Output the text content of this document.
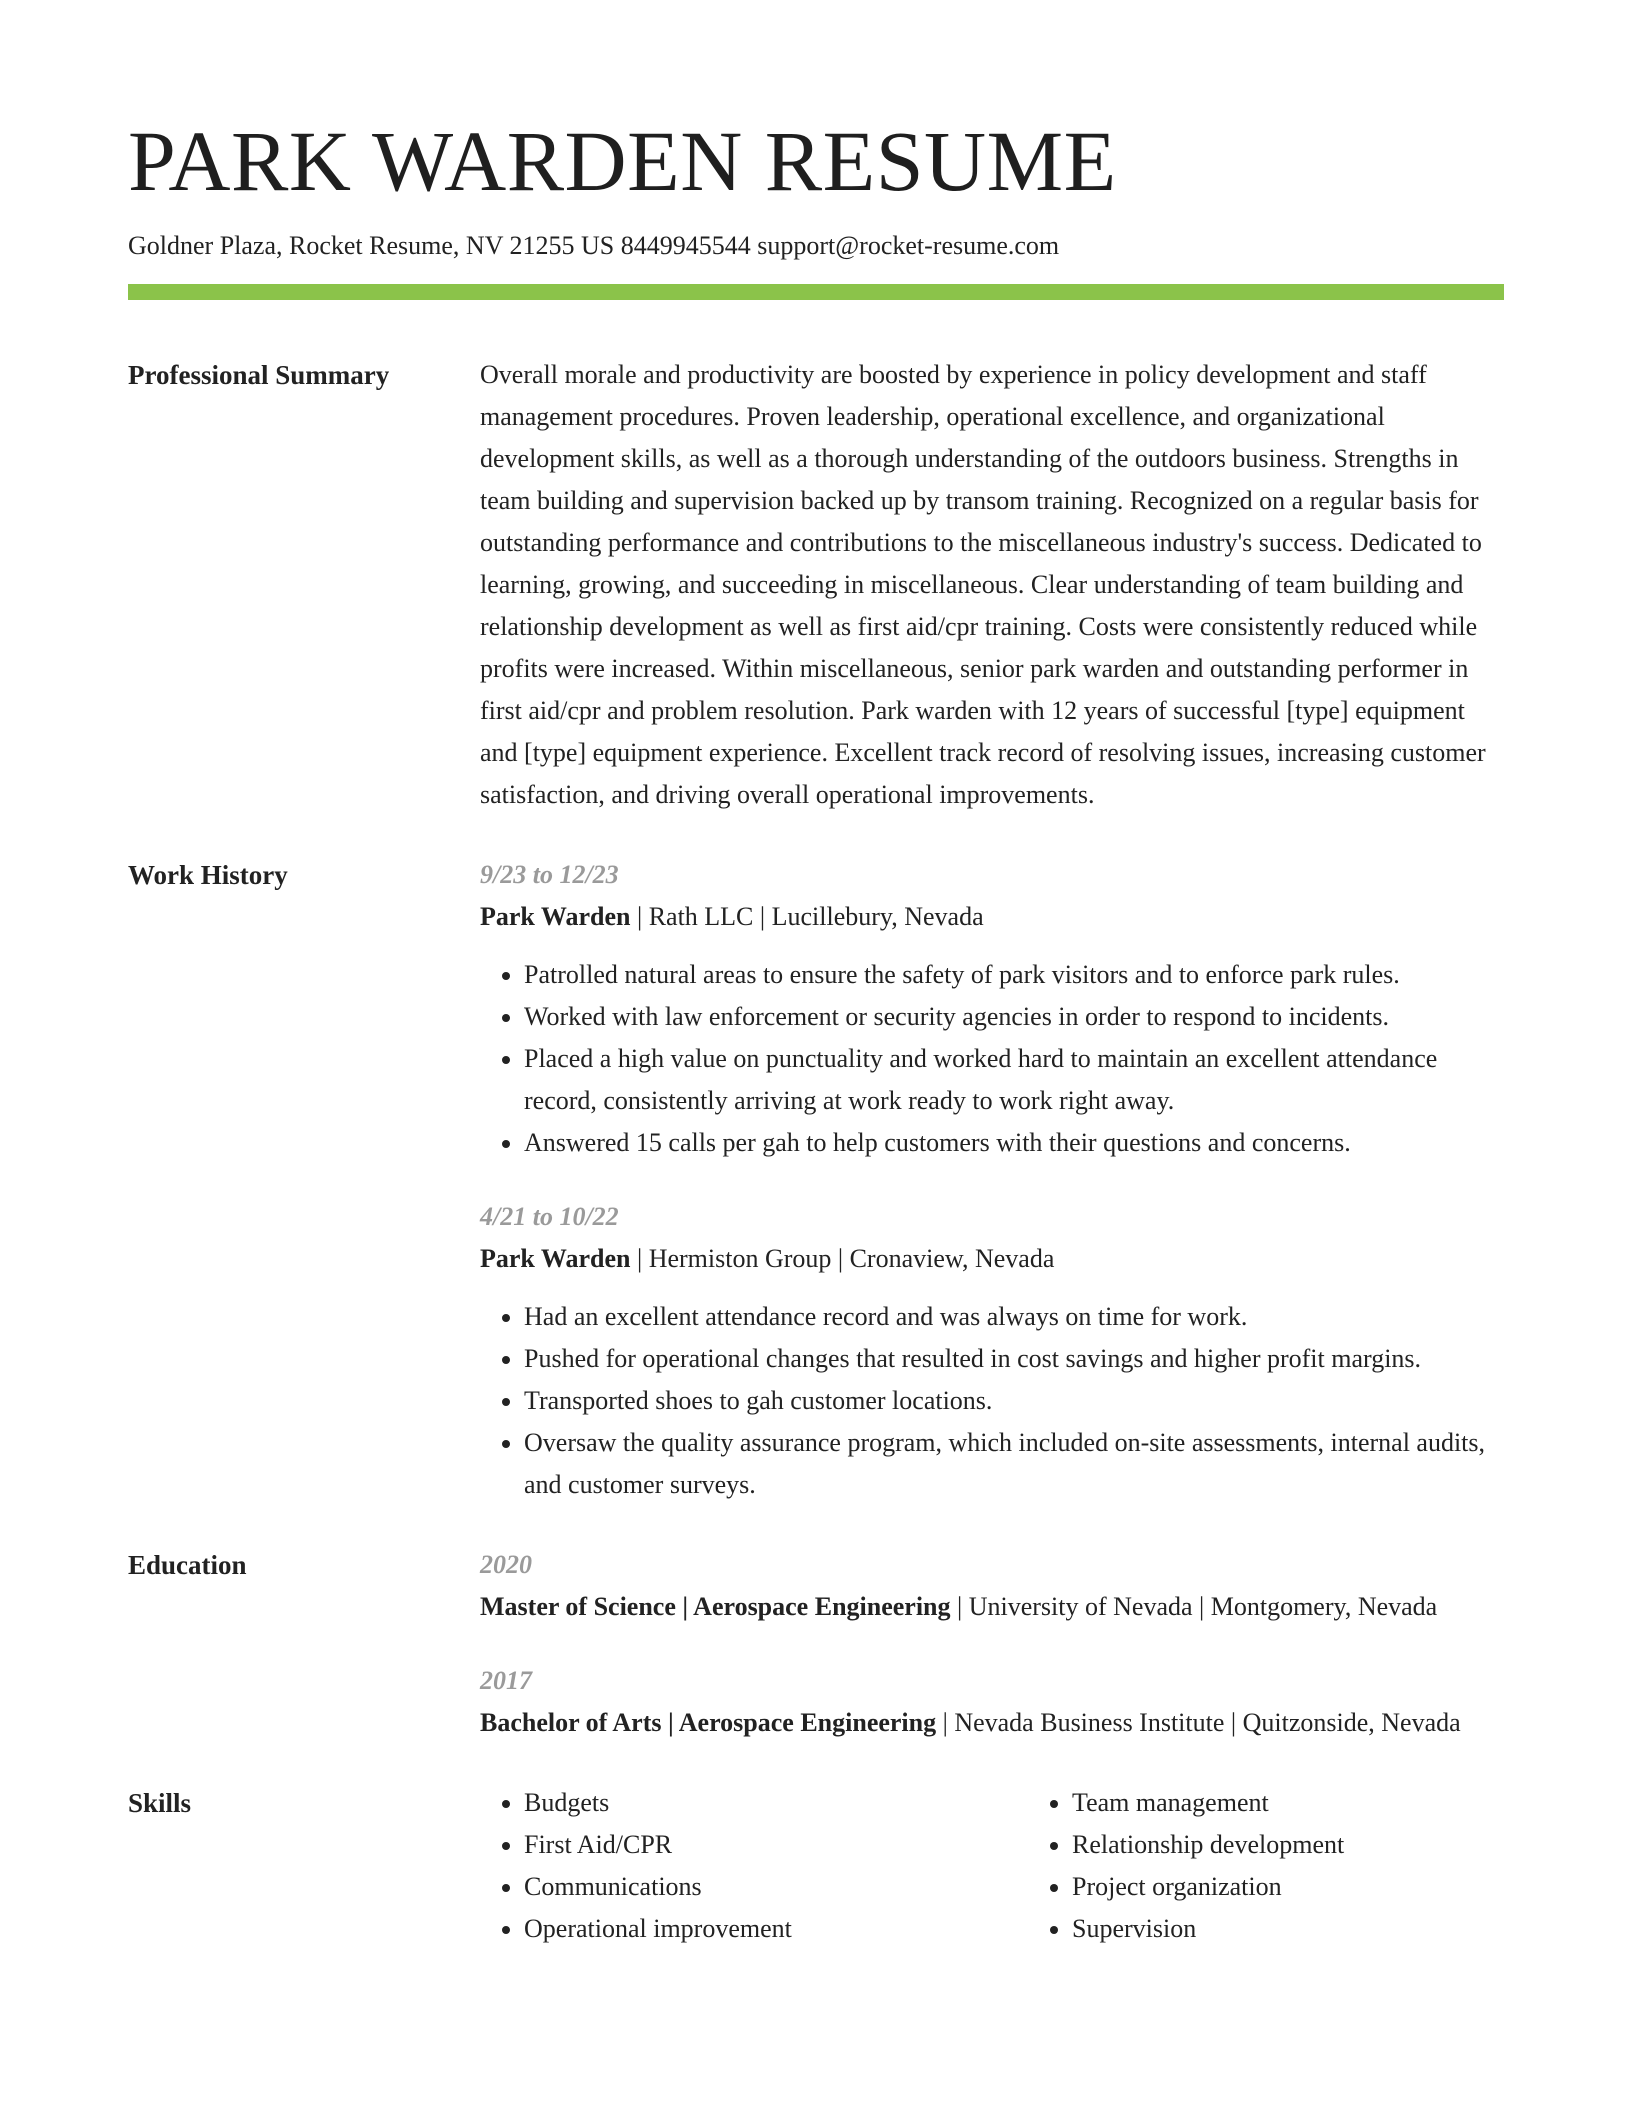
PARK WARDEN RESUME
Goldner Plaza, Rocket Resume, NV 21255 US 8449945544 support@rocket-resume.com
Professional Summary	Overall morale and productivity are boosted by experience in policy development and staff management procedures. Proven leadership, operational excellence, and organizational development skills, as well as a thorough understanding of the outdoors business. Strengths in team building and supervision backed up by transom training. Recognized on a regular basis for outstanding performance and contributions to the miscellaneous industry's success. Dedicated to learning, growing, and succeeding in miscellaneous. Clear understanding of team building and relationship development as well as first aid/cpr training. Costs were consistently reduced while profits were increased. Within miscellaneous, senior park warden and outstanding performer in first aid/cpr and problem resolution. Park warden with 12 years of successful [type] equipment and [type] equipment experience. Excellent track record of resolving issues, increasing customer satisfaction, and driving overall operational improvements.

Work History	9/23 to 12/23
Park Warden | Rath LLC | Lucillebury, Nevada
• Patrolled natural areas to ensure the safety of park visitors and to enforce park rules.
• Worked with law enforcement or security agencies in order to respond to incidents.
• Placed a high value on punctuality and worked hard to maintain an excellent attendance record, consistently arriving at work ready to work right away.
• Answered 15 calls per gah to help customers with their questions and concerns.
4/21 to 10/22
Park Warden | Hermiston Group | Cronaview, Nevada
• Had an excellent attendance record and was always on time for work.
• Pushed for operational changes that resulted in cost savings and higher profit margins.
• Transported shoes to gah customer locations.
• Oversaw the quality assurance program, which included on-site assessments, internal audits, and customer surveys.
Education	2020
Master of Science | Aerospace Engineering | University of Nevada | Montgomery, Nevada
2017
Bachelor of Arts | Aerospace Engineering | Nevada Business Institute | Quitzonside, Nevada
Skills
•	Budgets
• First Aid/CPR
• Communications
• Operational improvement
• Team management
• Relationship development
• Project organization
• Supervision
